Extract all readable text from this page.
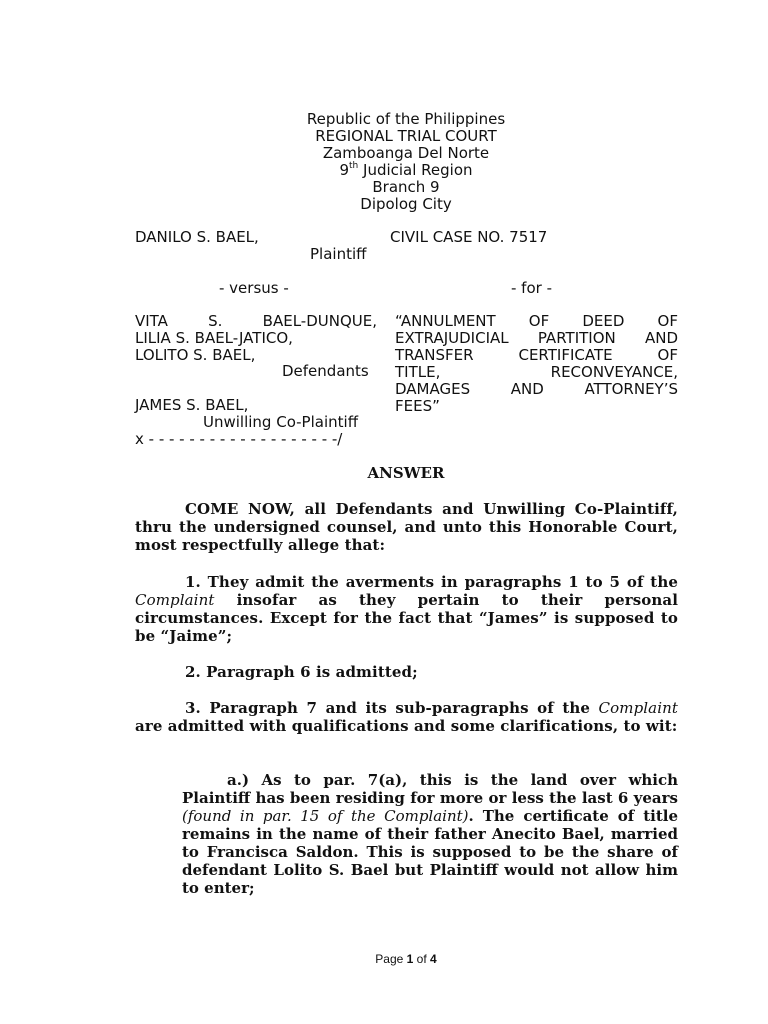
Republic of the Philippines
REGIONAL TRIAL COURT
Zamboanga Del Norte
9th Judicial Region
Branch 9
Dipolog City
DANILO S. BAEL,
Plaintiff
CIVIL CASE NO. 7517
- versus -	- for -
VITA S. BAEL-DUNQUE,
LILIA S. BAEL-JATICO,
LOLITO S. BAEL,
Defendants
JAMES S. BAEL,
Unwilling Co-Plaintiff
x - - - - - - - - - - - - - - - - - - -/
“ANNULMENT OF DEED OF
EXTRAJUDICIAL PARTITION AND
TRANSFER CERTIFICATE OF
TITLE, RECONVEYANCE,
DAMAGES AND ATTORNEY’S
FEES”
ANSWER
COME NOW, all Defendants and Unwilling Co-Plaintiff, thru the undersigned counsel, and unto this Honorable Court, most respectfully allege that:
1. They admit the averments in paragraphs 1 to 5 of the Complaint insofar as they pertain to their personal circumstances. Except for the fact that “James” is supposed to be “Jaime”;
2. Paragraph 6 is admitted;
3. Paragraph 7 and its sub-paragraphs of the Complaint are admitted with qualifications and some clarifications, to wit:
a.) As to par. 7(a), this is the land over which Plaintiff has been residing for more or less the last 6 years (found in par. 15 of the Complaint). The certificate of title remains in the name of their father Anecito Bael, married to Francisca Saldon. This is supposed to be the share of defendant Lolito S. Bael but Plaintiff would not allow him to enter;
Page 1 of 4
